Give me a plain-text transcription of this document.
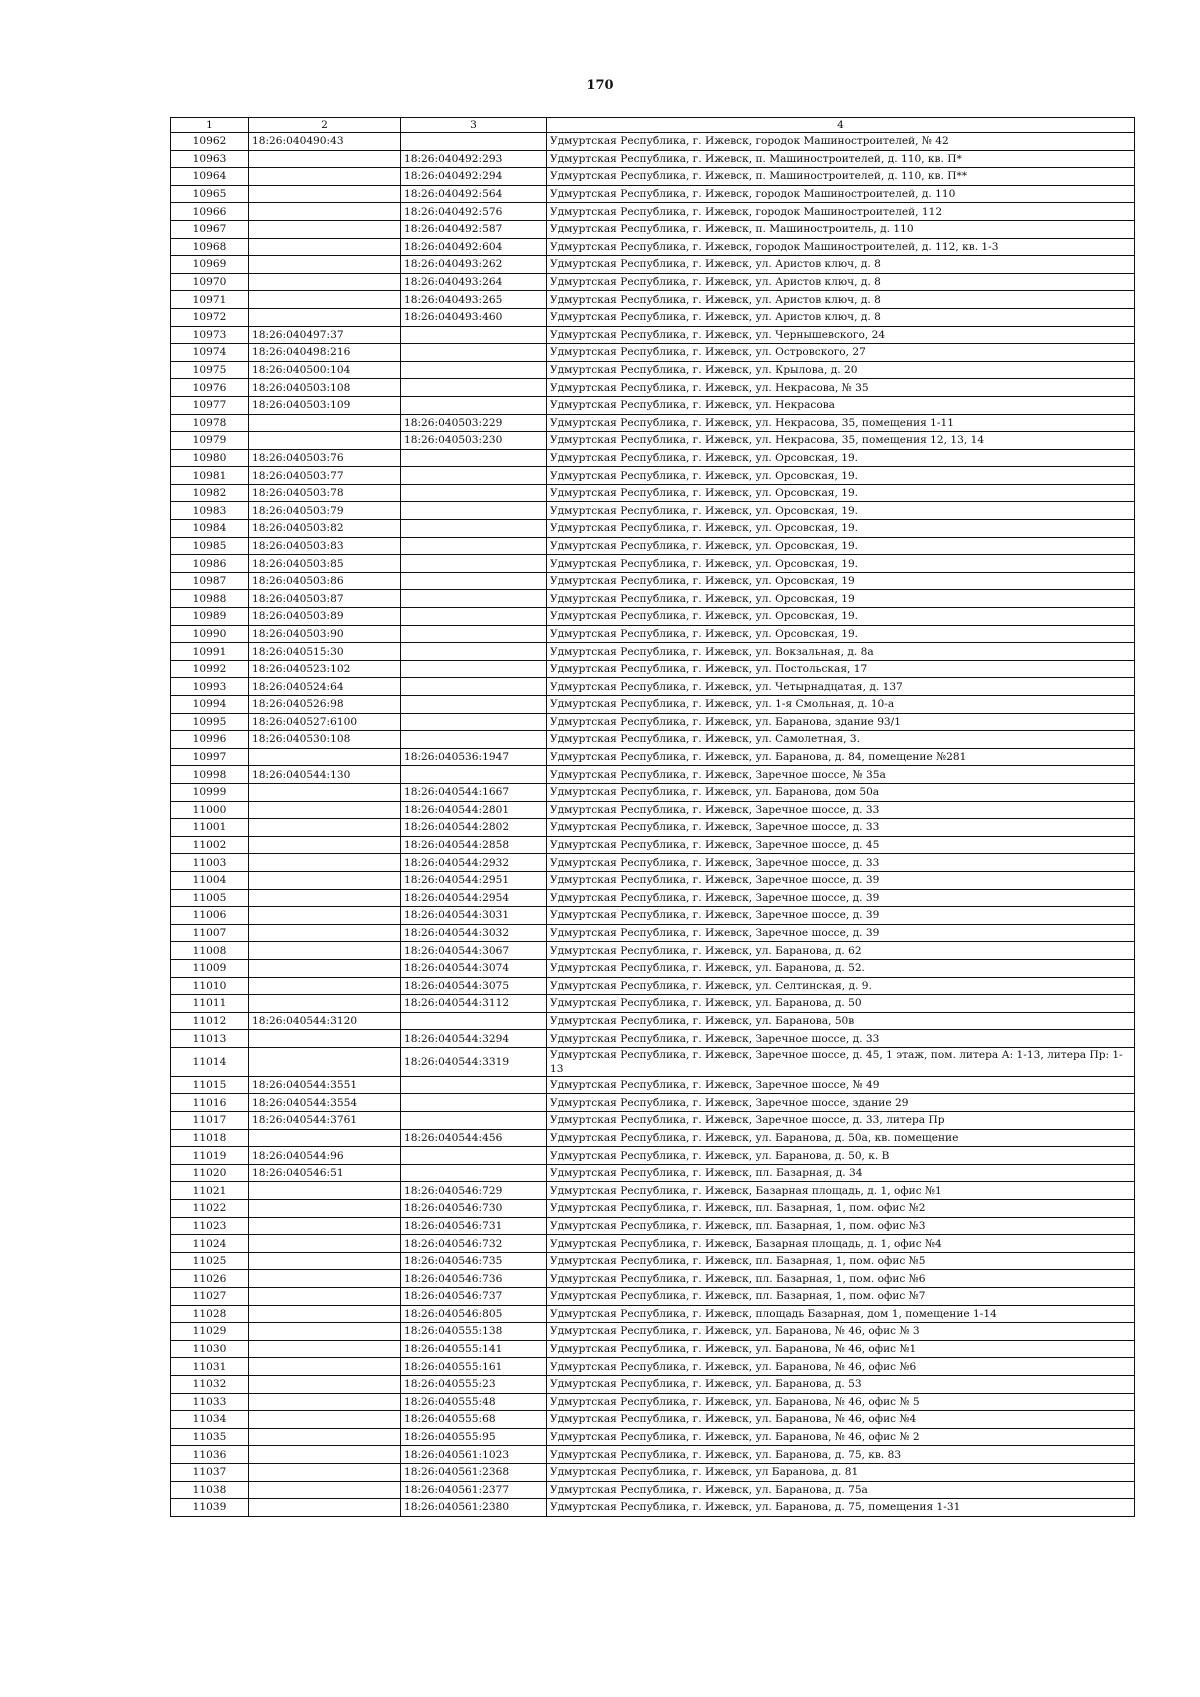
170
1	2	3	4
10962	18:26:040490:43		Удмуртская Республика, г. Ижевск, городок Машиностроителей, № 42
10963		18:26:040492:293	Удмуртская Республика, г. Ижевск, п. Машиностроителей, д. 110, кв. П*
10964		18:26:040492:294	Удмуртская Республика, г. Ижевск, п. Машиностроителей, д. 110, кв. П**
10965		18:26:040492:564	Удмуртская Республика, г. Ижевск, городок Машиностроителей, д. 110
10966		18:26:040492:576	Удмуртская Республика, г. Ижевск, городок Машиностроителей, 112
10967		18:26:040492:587	Удмуртская Республика, г. Ижевск, п. Машиностроитель, д. 110
10968		18:26:040492:604	Удмуртская Республика, г. Ижевск, городок Машиностроителей, д. 112, кв. 1-3
10969		18:26:040493:262	Удмуртская Республика, г. Ижевск, ул. Аристов ключ, д. 8
10970		18:26:040493:264	Удмуртская Республика, г. Ижевск, ул. Аристов ключ, д. 8
10971		18:26:040493:265	Удмуртская Республика, г. Ижевск, ул. Аристов ключ, д. 8
10972		18:26:040493:460	Удмуртская Республика, г. Ижевск, ул. Аристов ключ, д. 8
10973	18:26:040497:37		Удмуртская Республика, г. Ижевск, ул. Чернышевского, 24
10974	18:26:040498:216		Удмуртская Республика, г. Ижевск, ул. Островского, 27
10975	18:26:040500:104		Удмуртская Республика, г. Ижевск, ул. Крылова, д. 20
10976	18:26:040503:108		Удмуртская Республика, г. Ижевск, ул. Некрасова, № 35
10977	18:26:040503:109		Удмуртская Республика, г. Ижевск, ул. Некрасова
10978		18:26:040503:229	Удмуртская Республика, г. Ижевск, ул. Некрасова, 35, помещения 1-11
10979		18:26:040503:230	Удмуртская Республика, г. Ижевск, ул. Некрасова, 35, помещения 12, 13, 14
10980	18:26:040503:76		Удмуртская Республика, г. Ижевск, ул. Орсовская, 19.
10981	18:26:040503:77		Удмуртская Республика, г. Ижевск, ул. Орсовская, 19.
10982	18:26:040503:78		Удмуртская Республика, г. Ижевск, ул. Орсовская, 19.
10983	18:26:040503:79		Удмуртская Республика, г. Ижевск, ул. Орсовская, 19.
10984	18:26:040503:82		Удмуртская Республика, г. Ижевск, ул. Орсовская, 19.
10985	18:26:040503:83		Удмуртская Республика, г. Ижевск, ул. Орсовская, 19.
10986	18:26:040503:85		Удмуртская Республика, г. Ижевск, ул. Орсовская, 19.
10987	18:26:040503:86		Удмуртская Республика, г. Ижевск, ул. Орсовская, 19
10988	18:26:040503:87		Удмуртская Республика, г. Ижевск, ул. Орсовская, 19
10989	18:26:040503:89		Удмуртская Республика, г. Ижевск, ул. Орсовская, 19.
10990	18:26:040503:90		Удмуртская Республика, г. Ижевск, ул. Орсовская, 19.
10991	18:26:040515:30		Удмуртская Республика, г. Ижевск, ул. Вокзальная, д. 8а
10992	18:26:040523:102		Удмуртская Республика, г. Ижевск, ул. Постольская, 17
10993	18:26:040524:64		Удмуртская Республика, г. Ижевск, ул. Четырнадцатая, д. 137
10994	18:26:040526:98		Удмуртская Республика, г. Ижевск, ул. 1-я Смольная, д. 10-а
10995	18:26:040527:6100		Удмуртская Республика, г. Ижевск, ул. Баранова, здание 93/1
10996	18:26:040530:108		Удмуртская Республика, г. Ижевск, ул. Самолетная, 3.
10997		18:26:040536:1947	Удмуртская Республика, г. Ижевск, ул. Баранова, д. 84, помещение №281
10998	18:26:040544:130		Удмуртская Республика, г. Ижевск, Заречное шоссе, № 35а
10999		18:26:040544:1667	Удмуртская Республика, г. Ижевск, ул. Баранова, дом 50а
11000		18:26:040544:2801	Удмуртская Республика, г. Ижевск, Заречное шоссе, д. 33
11001		18:26:040544:2802	Удмуртская Республика, г. Ижевск, Заречное шоссе, д. 33
11002		18:26:040544:2858	Удмуртская Республика, г. Ижевск, Заречное шоссе, д. 45
11003		18:26:040544:2932	Удмуртская Республика, г. Ижевск, Заречное шоссе, д. 33
11004		18:26:040544:2951	Удмуртская Республика, г. Ижевск, Заречное шоссе, д. 39
11005		18:26:040544:2954	Удмуртская Республика, г. Ижевск, Заречное шоссе, д. 39
11006		18:26:040544:3031	Удмуртская Республика, г. Ижевск, Заречное шоссе, д. 39
11007		18:26:040544:3032	Удмуртская Республика, г. Ижевск, Заречное шоссе, д. 39
11008		18:26:040544:3067	Удмуртская Республика, г. Ижевск, ул. Баранова, д. 62
11009		18:26:040544:3074	Удмуртская Республика, г. Ижевск, ул. Баранова, д. 52.
11010		18:26:040544:3075	Удмуртская Республика, г. Ижевск, ул. Селтинская, д. 9.
11011		18:26:040544:3112	Удмуртская Республика, г. Ижевск, ул. Баранова, д. 50
11012	18:26:040544:3120		Удмуртская Республика, г. Ижевск, ул. Баранова, 50в
11013		18:26:040544:3294	Удмуртская Республика, г. Ижевск, Заречное шоссе, д. 33
11014		18:26:040544:3319	Удмуртская Республика, г. Ижевск, Заречное шоссе, д. 45, 1 этаж, пом. литера А: 1-13, литера Пр: 1-13
11015	18:26:040544:3551		Удмуртская Республика, г. Ижевск, Заречное шоссе, № 49
11016	18:26:040544:3554		Удмуртская Республика, г. Ижевск, Заречное шоссе, здание 29
11017	18:26:040544:3761		Удмуртская Республика, г. Ижевск, Заречное шоссе, д. 33, литера Пр
11018		18:26:040544:456	Удмуртская Республика, г. Ижевск, ул. Баранова, д. 50а, кв. помещение
11019	18:26:040544:96		Удмуртская Республика, г. Ижевск, ул. Баранова, д. 50, к. В
11020	18:26:040546:51		Удмуртская Республика, г. Ижевск, пл. Базарная, д. 34
11021		18:26:040546:729	Удмуртская Республика, г. Ижевск, Базарная площадь, д. 1, офис №1
11022		18:26:040546:730	Удмуртская Республика, г. Ижевск, пл. Базарная, 1, пом. офис №2
11023		18:26:040546:731	Удмуртская Республика, г. Ижевск, пл. Базарная, 1, пом. офис №3
11024		18:26:040546:732	Удмуртская Республика, г. Ижевск, Базарная площадь, д. 1, офис №4
11025		18:26:040546:735	Удмуртская Республика, г. Ижевск, пл. Базарная, 1, пом. офис №5
11026		18:26:040546:736	Удмуртская Республика, г. Ижевск, пл. Базарная, 1, пом. офис №6
11027		18:26:040546:737	Удмуртская Республика, г. Ижевск, пл. Базарная, 1, пом. офис №7
11028		18:26:040546:805	Удмуртская Республика, г. Ижевск, площадь Базарная, дом 1, помещение 1-14
11029		18:26:040555:138	Удмуртская Республика, г. Ижевск, ул. Баранова, № 46, офис № 3
11030		18:26:040555:141	Удмуртская Республика, г. Ижевск, ул. Баранова, № 46, офис №1
11031		18:26:040555:161	Удмуртская Республика, г. Ижевск, ул. Баранова, № 46, офис №6
11032		18:26:040555:23	Удмуртская Республика, г. Ижевск, ул. Баранова, д. 53
11033		18:26:040555:48	Удмуртская Республика, г. Ижевск, ул. Баранова, № 46, офис № 5
11034		18:26:040555:68	Удмуртская Республика, г. Ижевск, ул. Баранова, № 46, офис №4
11035		18:26:040555:95	Удмуртская Республика, г. Ижевск, ул. Баранова, № 46, офис № 2
11036		18:26:040561:1023	Удмуртская Республика, г. Ижевск, ул. Баранова, д. 75, кв. 83
11037		18:26:040561:2368	Удмуртская Республика, г. Ижевск, ул Баранова, д. 81
11038		18:26:040561:2377	Удмуртская Республика, г. Ижевск, ул. Баранова, д. 75а
11039		18:26:040561:2380	Удмуртская Республика, г. Ижевск, ул. Баранова, д. 75, помещения 1-31
